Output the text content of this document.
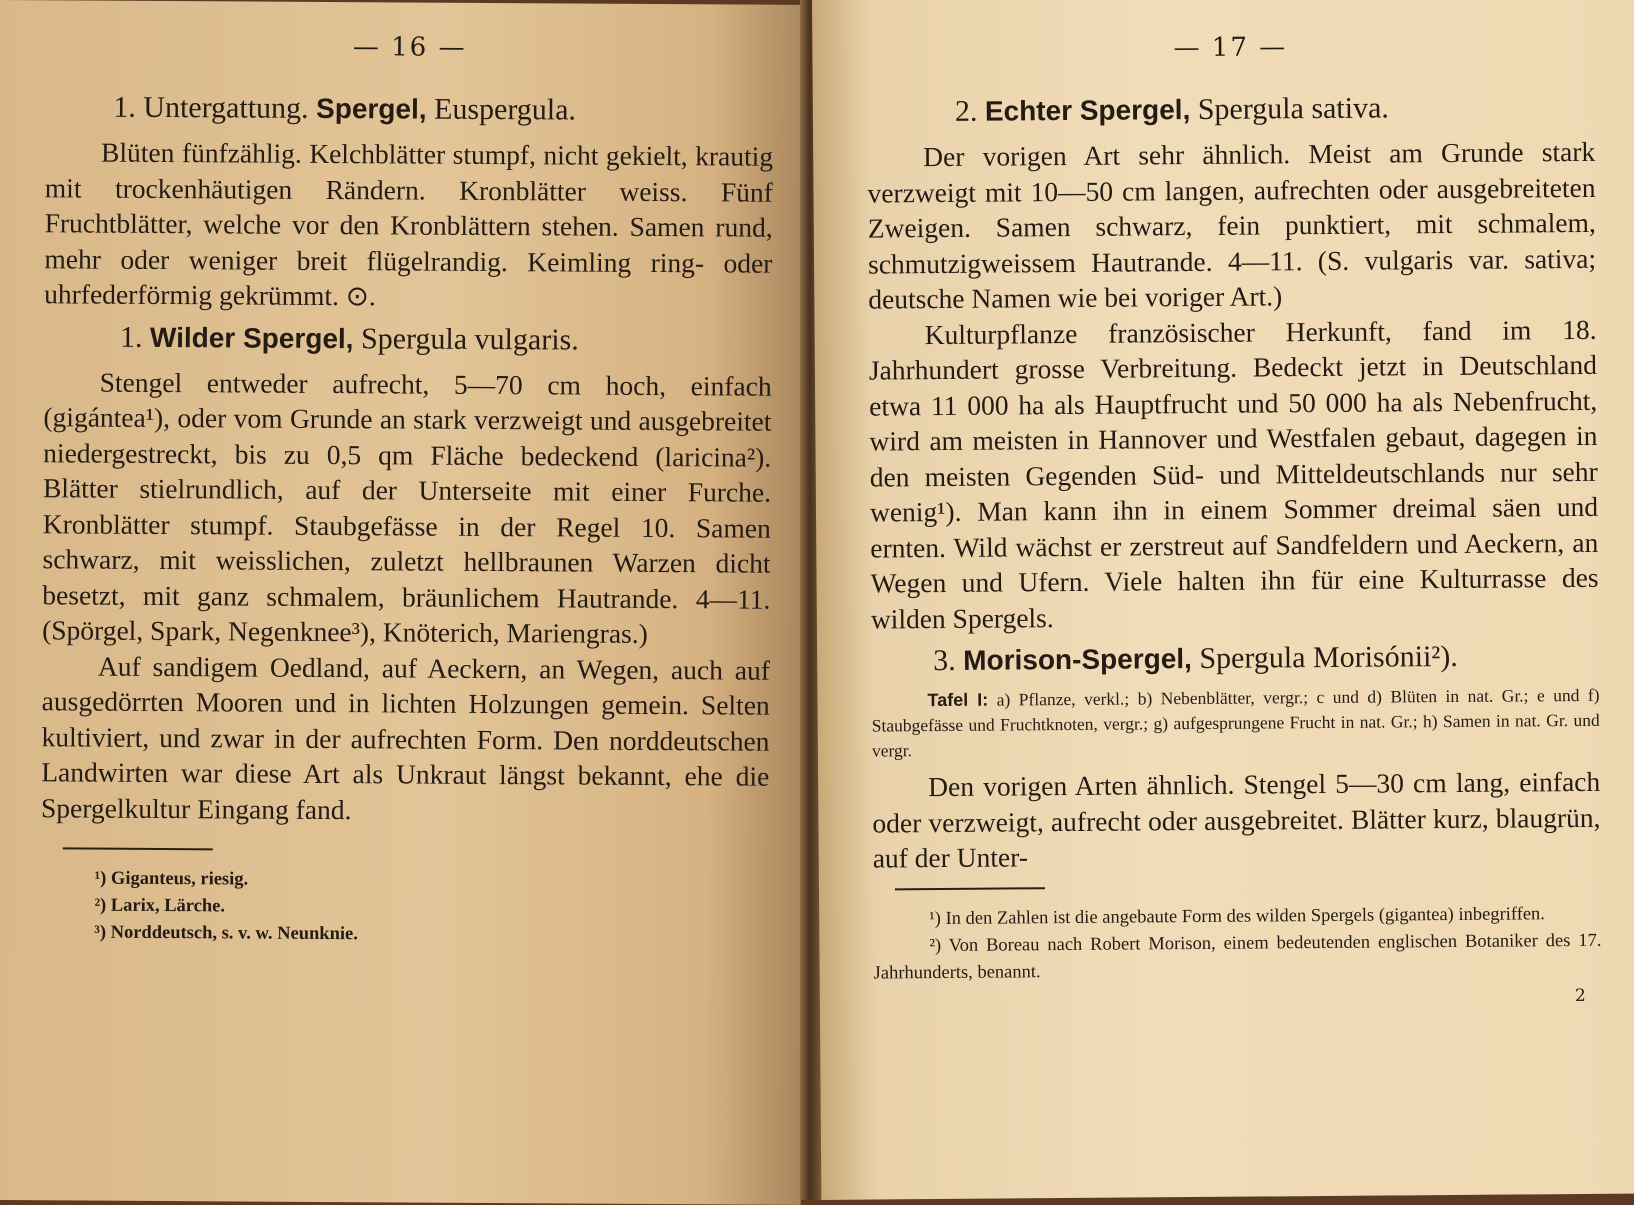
— 16 —
1. Untergattung. Spergel, Euspergula.

Blüten fünfzählig. Kelchblätter stumpf, nicht gekielt, krautig mit trockenhäutigen Rändern. Kronblätter weiss. Fünf Fruchtblätter, welche vor den Kronblättern stehen. Samen rund, mehr oder weniger breit flügelrandig. Keimling ring- oder uhrfederförmig gekrümmt. ⊙.

1. Wilder Spergel, Spergula vulgaris.

Stengel entweder aufrecht, 5—70 cm hoch, einfach (gigántea¹), oder vom Grunde an stark verzweigt und ausgebreitet niedergestreckt, bis zu 0,5 qm Fläche bedeckend (laricina²). Blätter stielrundlich, auf der Unterseite mit einer Furche. Kronblätter stumpf. Staubgefässe in der Regel 10. Samen schwarz, mit weisslichen, zuletzt hellbraunen Warzen dicht besetzt, mit ganz schmalem, bräunlichem Hautrande. 4—11. (Spörgel, Spark, Negenknee³), Knöterich, Mariengras.)

Auf sandigem Oedland, auf Aeckern, an Wegen, auch auf ausgedörrten Mooren und in lichten Holzungen gemein. Selten kultiviert, und zwar in der aufrechten Form. Den norddeutschen Landwirten war diese Art als Unkraut längst bekannt, ehe die Spergelkultur Eingang fand.

¹) Giganteus, riesig.

²) Larix, Lärche.

³) Norddeutsch, s. v. w. Neunknie.

— 17 —
2. Echter Spergel, Spergula sativa.

Der vorigen Art sehr ähnlich. Meist am Grunde stark verzweigt mit 10—50 cm langen, aufrechten oder ausgebreiteten Zweigen. Samen schwarz, fein punktiert, mit schmalem, schmutzigweissem Hautrande. 4—11. (S. vulgaris var. sativa; deutsche Namen wie bei voriger Art.)

Kulturpflanze französischer Herkunft, fand im 18. Jahrhundert grosse Verbreitung. Bedeckt jetzt in Deutschland etwa 11 000 ha als Hauptfrucht und 50 000 ha als Nebenfrucht, wird am meisten in Hannover und Westfalen gebaut, dagegen in den meisten Gegenden Süd- und Mitteldeutschlands nur sehr wenig¹). Man kann ihn in einem Sommer dreimal säen und ernten. Wild wächst er zerstreut auf Sandfeldern und Aeckern, an Wegen und Ufern. Viele halten ihn für eine Kulturrasse des wilden Spergels.

3. Morison-Spergel, Spergula Morisónii²).

Tafel I: a) Pflanze, verkl.; b) Nebenblätter, vergr.; c und d) Blüten in nat. Gr.; e und f) Staubgefässe und Fruchtknoten, vergr.; g) aufgesprungene Frucht in nat. Gr.; h) Samen in nat. Gr. und vergr.

Den vorigen Arten ähnlich. Stengel 5—30 cm lang, einfach oder verzweigt, aufrecht oder ausgebreitet. Blätter kurz, blaugrün, auf der Unter-

¹) In den Zahlen ist die angebaute Form des wilden Spergels (gigantea) inbegriffen.

²) Von Boreau nach Robert Morison, einem bedeutenden englischen Botaniker des 17. Jahrhunderts, benannt.

2
